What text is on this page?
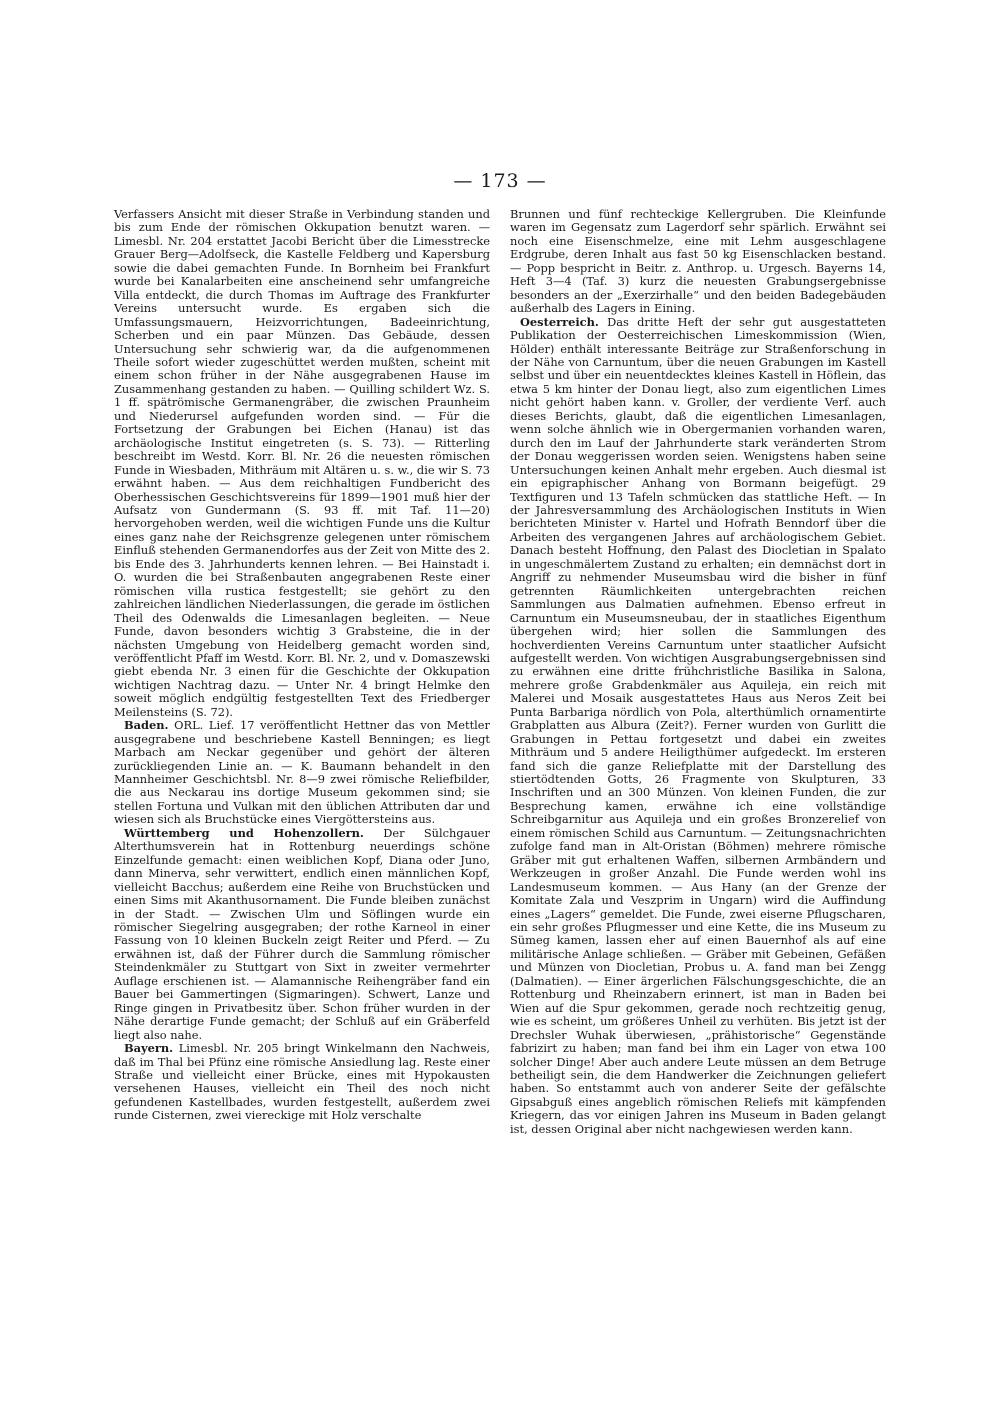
— 173 —

Verfassers Ansicht mit dieser Straße in Verbindung standen und bis zum Ende der römischen Okkupation benutzt waren. — Limesbl. Nr. 204 erstattet Jacobi Bericht über die Limesstrecke Grauer Berg—Adolfseck, die Kastelle Feldberg und Kapersburg sowie die dabei gemachten Funde. In Bornheim bei Frankfurt wurde bei Kanalarbeiten eine anscheinend sehr umfangreiche Villa entdeckt, die durch Thomas im Auftrage des Frankfurter Vereins untersucht wurde. Es ergaben sich die Umfassungsmauern, Heizvorrichtungen, Badeeinrichtung, Scherben und ein paar Münzen. Das Gebäude, dessen Untersuchung sehr schwierig war, da die aufgenommenen Theile sofort wieder zugeschüttet werden mußten, scheint mit einem schon früher in der Nähe ausgegrabenen Hause im Zusammenhang gestanden zu haben. — Quilling schildert Wz. S. 1 ff. spätrömische Germanengräber, die zwischen Praunheim und Niederursel aufgefunden worden sind. — Für die Fortsetzung der Grabungen bei Eichen (Hanau) ist das archäologische Institut eingetreten (s. S. 73). — Ritterling beschreibt im Westd. Korr. Bl. Nr. 26 die neuesten römischen Funde in Wiesbaden, Mithräum mit Altären u. s. w., die wir S. 73 erwähnt haben. — Aus dem reichhaltigen Fundbericht des Oberhessischen Geschichtsvereins für 1899—1901 muß hier der Aufsatz von Gundermann (S. 93 ff. mit Taf. 11—20) hervorgehoben werden, weil die wichtigen Funde uns die Kultur eines ganz nahe der Reichsgrenze gelegenen unter römischem Einfluß stehenden Germanendorfes aus der Zeit von Mitte des 2. bis Ende des 3. Jahrhunderts kennen lehren. — Bei Hainstadt i. O. wurden die bei Straßenbauten angegrabenen Reste einer römischen villa rustica festgestellt; sie gehört zu den zahlreichen ländlichen Niederlassungen, die gerade im östlichen Theil des Odenwalds die Limesanlagen begleiten. — Neue Funde, davon besonders wichtig 3 Grabsteine, die in der nächsten Umgebung von Heidelberg gemacht worden sind, veröffentlicht Pfaff im Westd. Korr. Bl. Nr. 2, und v. Domaszewski giebt ebenda Nr. 3 einen für die Geschichte der Okkupation wichtigen Nachtrag dazu. — Unter Nr. 4 bringt Helmke den soweit möglich endgültig festgestellten Text des Friedberger Meilensteins (S. 72).

Baden. ORL. Lief. 17 veröffentlicht Hettner das von Mettler ausgegrabene und beschriebene Kastell Benningen; es liegt Marbach am Neckar gegenüber und gehört der älteren zurückliegenden Linie an. — K. Baumann behandelt in den Mannheimer Geschichtsbl. Nr. 8—9 zwei römische Reliefbilder, die aus Neckarau ins dortige Museum gekommen sind; sie stellen Fortuna und Vulkan mit den üblichen Attributen dar und wiesen sich als Bruchstücke eines Viergöttersteins aus.

Württemberg und Hohenzollern. Der Sülchgauer Alterthumsverein hat in Rottenburg neuerdings schöne Einzelfunde gemacht: einen weiblichen Kopf, Diana oder Juno, dann Minerva, sehr verwittert, endlich einen männlichen Kopf, vielleicht Bacchus; außerdem eine Reihe von Bruchstücken und einen Sims mit Akanthusornament. Die Funde bleiben zunächst in der Stadt. — Zwischen Ulm und Söflingen wurde ein römischer Siegelring ausgegraben; der rothe Karneol in einer Fassung von 10 kleinen Buckeln zeigt Reiter und Pferd. — Zu erwähnen ist, daß der Führer durch die Sammlung römischer Steindenkmäler zu Stuttgart von Sixt in zweiter vermehrter Auflage erschienen ist. — Alamannische Reihengräber fand ein Bauer bei Gammertingen (Sigmaringen). Schwert, Lanze und Ringe gingen in Privatbesitz über. Schon früher wurden in der Nähe derartige Funde gemacht; der Schluß auf ein Gräberfeld liegt also nahe.

Bayern. Limesbl. Nr. 205 bringt Winkelmann den Nachweis, daß im Thal bei Pfünz eine römische Ansiedlung lag. Reste einer Straße und vielleicht einer Brücke, eines mit Hypokausten versehenen Hauses, vielleicht ein Theil des noch nicht gefundenen Kastellbades, wurden festgestellt, außerdem zwei runde Cisternen, zwei viereckige mit Holz verschalte

Brunnen und fünf rechteckige Kellergruben. Die Kleinfunde waren im Gegensatz zum Lagerdorf sehr spärlich. Erwähnt sei noch eine Eisenschmelze, eine mit Lehm ausgeschlagene Erdgrube, deren Inhalt aus fast 50 kg Eisenschlacken bestand. — Popp bespricht in Beitr. z. Anthrop. u. Urgesch. Bayerns 14, Heft 3—4 (Taf. 3) kurz die neuesten Grabungsergebnisse besonders an der „Exerzirhalle“ und den beiden Badegebäuden außerhalb des Lagers in Eining.

Oesterreich. Das dritte Heft der sehr gut ausgestatteten Publikation der Oesterreichischen Limeskommission (Wien, Hölder) enthält interessante Beiträge zur Straßenforschung in der Nähe von Carnuntum, über die neuen Grabungen im Kastell selbst und über ein neuentdecktes kleines Kastell in Höflein, das etwa 5 km hinter der Donau liegt, also zum eigentlichen Limes nicht gehört haben kann. v. Groller, der verdiente Verf. auch dieses Berichts, glaubt, daß die eigentlichen Limesanlagen, wenn solche ähnlich wie in Obergermanien vorhanden waren, durch den im Lauf der Jahrhunderte stark veränderten Strom der Donau weggerissen worden seien. Wenigstens haben seine Untersuchungen keinen Anhalt mehr ergeben. Auch diesmal ist ein epigraphischer Anhang von Bormann beigefügt. 29 Textfiguren und 13 Tafeln schmücken das stattliche Heft. — In der Jahresversammlung des Archäologischen Instituts in Wien berichteten Minister v. Hartel und Hofrath Benndorf über die Arbeiten des vergangenen Jahres auf archäologischem Gebiet. Danach besteht Hoffnung, den Palast des Diocletian in Spalato in ungeschmälertem Zustand zu erhalten; ein demnächst dort in Angriff zu nehmender Museumsbau wird die bisher in fünf getrennten Räumlichkeiten untergebrachten reichen Sammlungen aus Dalmatien aufnehmen. Ebenso erfreut in Carnuntum ein Museumsneubau, der in staatliches Eigenthum übergehen wird; hier sollen die Sammlungen des hochverdienten Vereins Carnuntum unter staatlicher Aufsicht aufgestellt werden. Von wichtigen Ausgrabungsergebnissen sind zu erwähnen eine dritte frühchristliche Basilika in Salona, mehrere große Grabdenkmäler aus Aquileja, ein reich mit Malerei und Mosaik ausgestattetes Haus aus Neros Zeit bei Punta Barbariga nördlich von Pola, alterthümlich ornamentirte Grabplatten aus Albura (Zeit?). Ferner wurden von Gurlitt die Grabungen in Pettau fortgesetzt und dabei ein zweites Mithräum und 5 andere Heiligthümer aufgedeckt. Im ersteren fand sich die ganze Reliefplatte mit der Darstellung des stiertödtenden Gotts, 26 Fragmente von Skulpturen, 33 Inschriften und an 300 Münzen. Von kleinen Funden, die zur Besprechung kamen, erwähne ich eine vollständige Schreibgarnitur aus Aquileja und ein großes Bronzerelief von einem römischen Schild aus Carnuntum. — Zeitungsnachrichten zufolge fand man in Alt-Oristan (Böhmen) mehrere römische Gräber mit gut erhaltenen Waffen, silbernen Armbändern und Werkzeugen in großer Anzahl. Die Funde werden wohl ins Landesmuseum kommen. — Aus Hany (an der Grenze der Komitate Zala und Veszprim in Ungarn) wird die Auffindung eines „Lagers“ gemeldet. Die Funde, zwei eiserne Pflugscharen, ein sehr großes Pflugmesser und eine Kette, die ins Museum zu Sümeg kamen, lassen eher auf einen Bauernhof als auf eine militärische Anlage schließen. — Gräber mit Gebeinen, Gefäßen und Münzen von Diocletian, Probus u. A. fand man bei Zengg (Dalmatien). — Einer ärgerlichen Fälschungsgeschichte, die an Rottenburg und Rheinzabern erinnert, ist man in Baden bei Wien auf die Spur gekommen, gerade noch rechtzeitig genug, wie es scheint, um größeres Unheil zu verhüten. Bis jetzt ist der Drechsler Wuhak überwiesen, „prähistorische“ Gegenstände fabrizirt zu haben; man fand bei ihm ein Lager von etwa 100 solcher Dinge! Aber auch andere Leute müssen an dem Betruge betheiligt sein, die dem Handwerker die Zeichnungen geliefert haben. So entstammt auch von anderer Seite der gefälschte Gipsabguß eines angeblich römischen Reliefs mit kämpfenden Kriegern, das vor einigen Jahren ins Museum in Baden gelangt ist, dessen Original aber nicht nachgewiesen werden kann.
